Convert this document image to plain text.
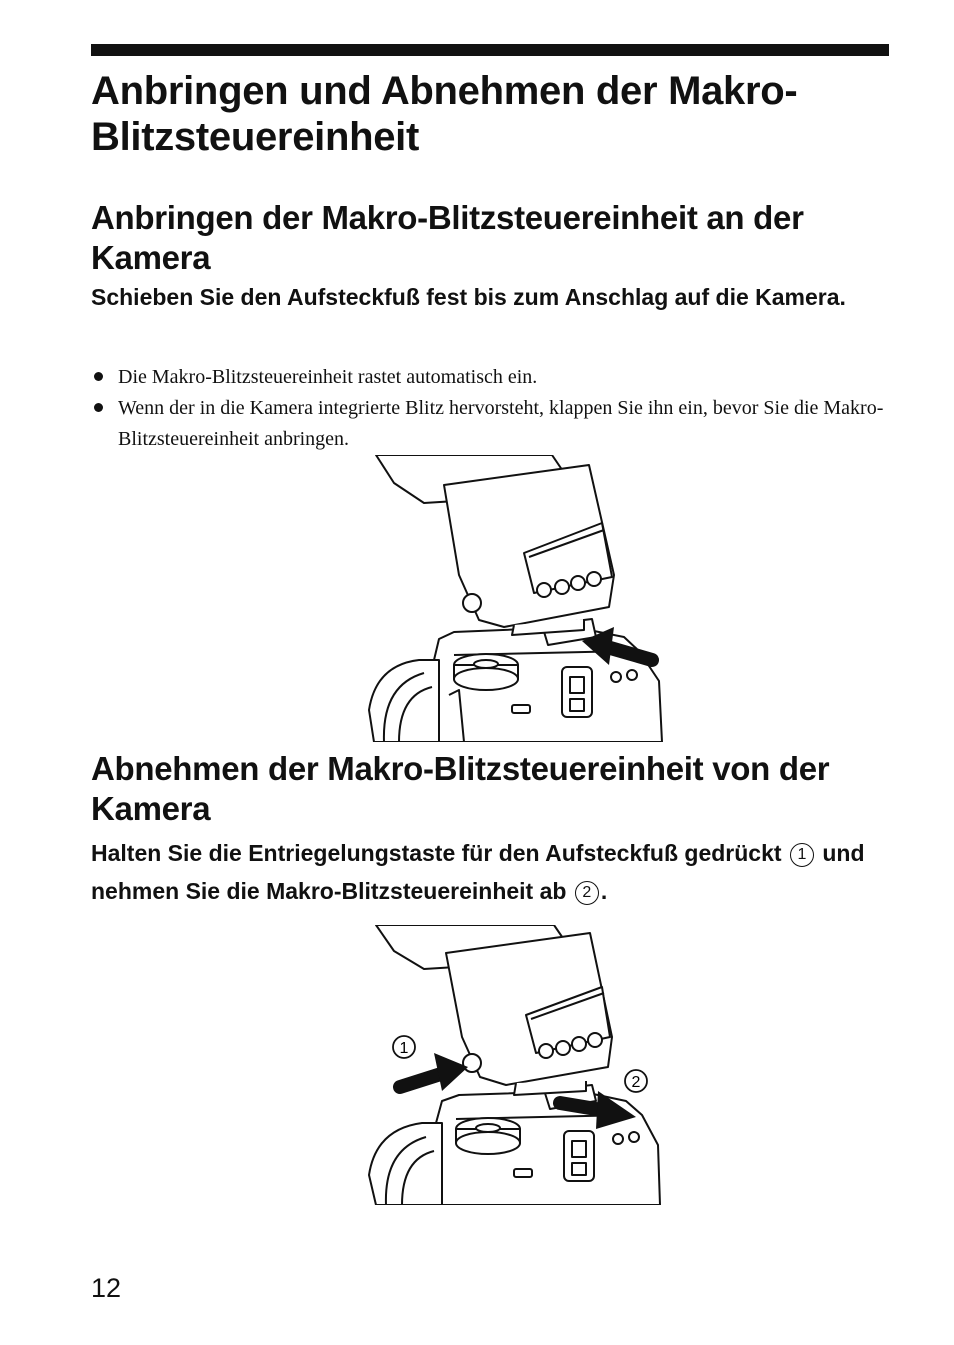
Anbringen und Abnehmen der Makro-Blitzsteuereinheit
Anbringen der Makro-Blitzsteuereinheit an der Kamera
Schieben Sie den Aufsteckfuß fest bis zum Anschlag auf die Kamera.
Die Makro-Blitzsteuereinheit rastet automatisch ein.
Wenn der in die Kamera integrierte Blitz hervorsteht, klappen Sie ihn ein, bevor Sie die Makro-Blitzsteuereinheit anbringen.
Abnehmen der Makro-Blitzsteuereinheit von der Kamera
Halten Sie die Entriegelungstaste für den Aufsteckfuß gedrückt 1 und nehmen Sie die Makro-Blitzsteuereinheit ab 2 .
1
2
12
